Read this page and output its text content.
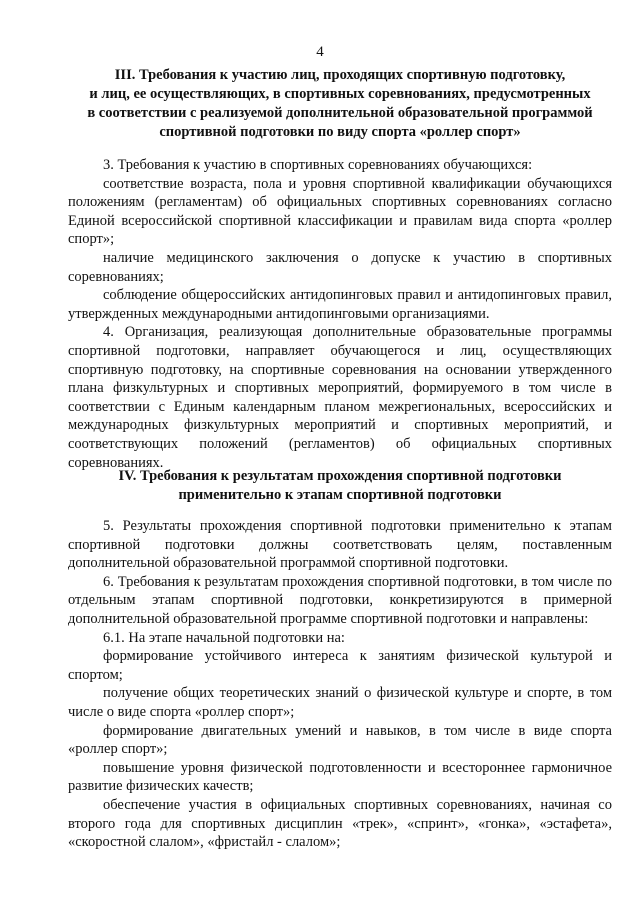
4
III. Требования к участию лиц, проходящих спортивную подготовку,
и лиц, ее осуществляющих, в спортивных соревнованиях, предусмотренных
в соответствии с реализуемой дополнительной образовательной программой
спортивной подготовки по виду спорта «роллер спорт»

3. Требования к участию в спортивных соревнованиях обучающихся:

соответствие возраста, пола и уровня спортивной квалификации обучающихся положениям (регламентам) об официальных спортивных соревнованиях согласно Единой всероссийской спортивной классификации и правилам вида спорта «роллер спорт»;

наличие медицинского заключения о допуске к участию в спортивных соревнованиях;

соблюдение общероссийских антидопинговых правил и антидопинговых правил, утвержденных международными антидопинговыми организациями.

4. Организация, реализующая дополнительные образовательные программы спортивной подготовки, направляет обучающегося и лиц, осуществляющих спортивную подготовку, на спортивные соревнования на основании утвержденного плана физкультурных и спортивных мероприятий, формируемого в том числе в соответствии с Единым календарным планом межрегиональных, всероссийских и международных физкультурных мероприятий и спортивных мероприятий, и соответствующих положений (регламентов) об официальных спортивных соревнованиях.

IV. Требования к результатам прохождения спортивной подготовки
применительно к этапам спортивной подготовки

5. Результаты прохождения спортивной подготовки применительно к этапам спортивной подготовки должны соответствовать целям, поставленным дополнительной образовательной программой спортивной подготовки.

6. Требования к результатам прохождения спортивной подготовки, в том числе по отдельным этапам спортивной подготовки, конкретизируются в примерной дополнительной образовательной программе спортивной подготовки и направлены:

6.1. На этапе начальной подготовки на:

формирование устойчивого интереса к занятиям физической культурой и спортом;

получение общих теоретических знаний о физической культуре и спорте, в том числе о виде спорта «роллер спорт»;

формирование двигательных умений и навыков, в том числе в виде спорта «роллер спорт»;

повышение уровня физической подготовленности и всестороннее гармоничное развитие физических качеств;

обеспечение участия в официальных спортивных соревнованиях, начиная со второго года для спортивных дисциплин «трек», «спринт», «гонка», «эстафета», «скоростной слалом», «фристайл - слалом»;
